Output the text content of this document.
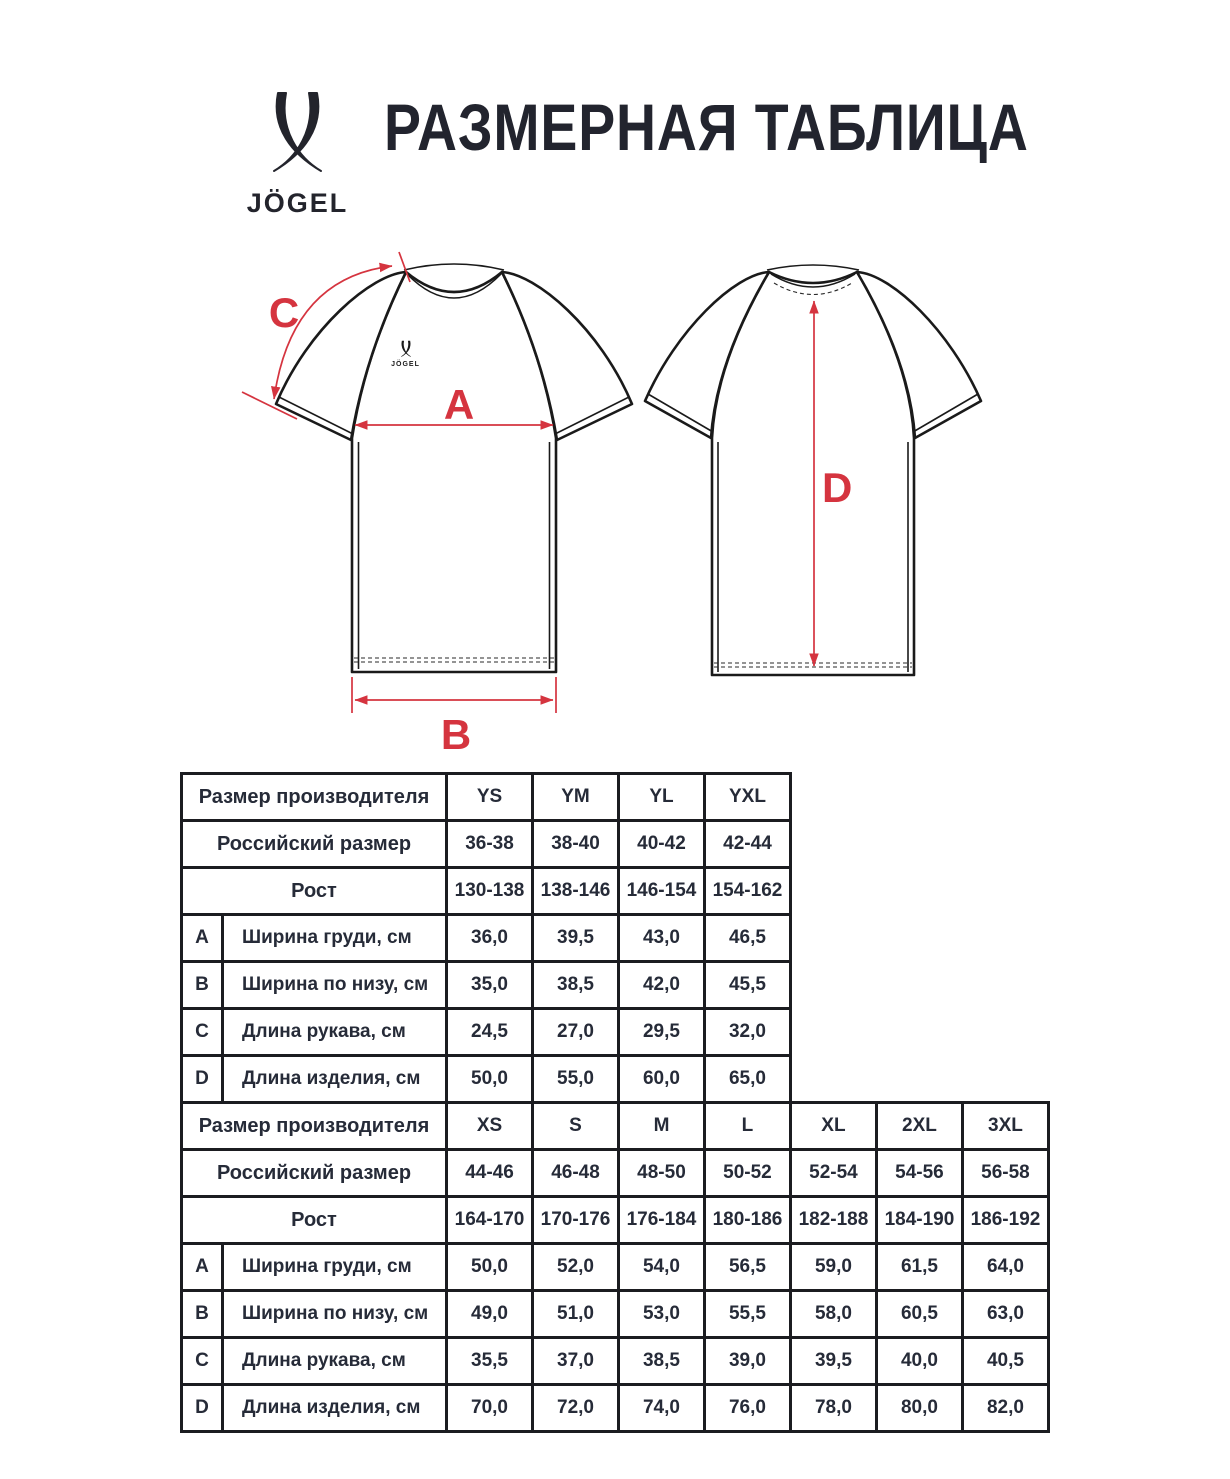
JÖGEL
РАЗМЕРНАЯ ТАБЛИЦА
JÖGEL
A
B
C
D
Размер производителя		YS	YM	YL	YXL
Российский размер		36-38	38-40	40-42	42-44
Рост		130-138	138-146	146-154	154-162
A	Ширина груди, см	36,0	39,5	43,0	46,5
B	Ширина по низу, см	35,0	38,5	42,0	45,5
C	Длина рукава, см	24,5	27,0	29,5	32,0
D	Длина изделия, см	50,0	55,0	60,0	65,0
Размер производителя		XS	S	M	L	XL	2XL	3XL
Российский размер		44-46	46-48	48-50	50-52	52-54	54-56	56-58
Рост		164-170	170-176	176-184	180-186	182-188	184-190	186-192
A	Ширина груди, см	50,0	52,0	54,0	56,5	59,0	61,5	64,0
B	Ширина по низу, см	49,0	51,0	53,0	55,5	58,0	60,5	63,0
C	Длина рукава, см	35,5	37,0	38,5	39,0	39,5	40,0	40,5
D	Длина изделия, см	70,0	72,0	74,0	76,0	78,0	80,0	82,0
